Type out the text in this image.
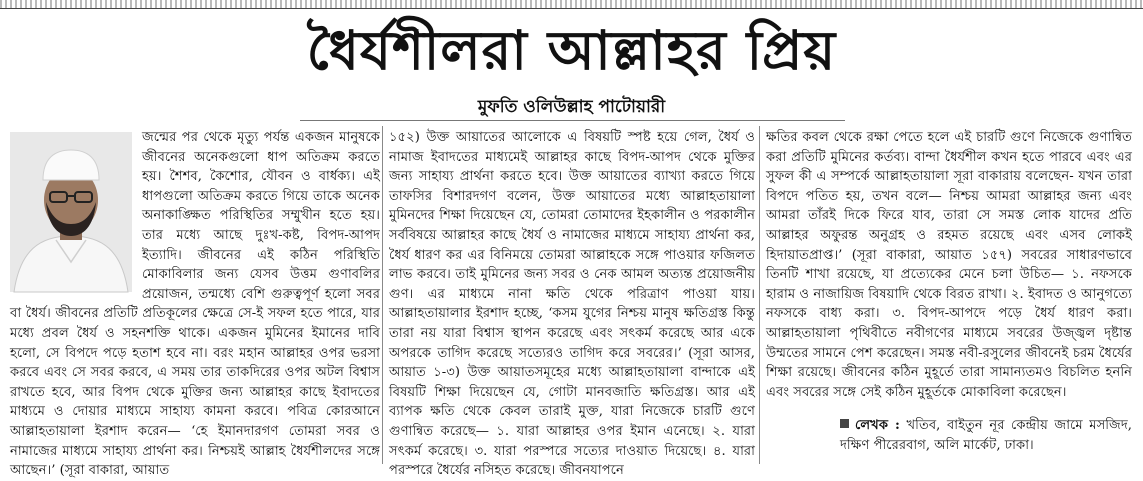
ধৈর্যশীলরা আল্লাহর প্রিয়
মুফতি ওলিউল্লাহ পাটোয়ারী

জন্মের পর থেকে মৃত্যু পর্যন্ত একজন মানুষকে জীবনের অনেকগুলো ধাপ অতিক্রম করতে হয়। শৈশব, কৈশোর, যৌবন ও বার্ধক্য। এই ধাপগুলো অতিক্রম করতে গিয়ে তাকে অনেক অনাকাঙ্ক্ষিত পরিস্থিতির সম্মুখীন হতে হয়। তার মধ্যে আছে দুঃখ-কষ্ট, বিপদ-আপদ ইত্যাদি। জীবনের এই কঠিন পরিস্থিতি মোকাবিলার জন্য যেসব উত্তম গুণাবলির প্রয়োজন, তন্মধ্যে বেশি গুরুত্বপূর্ণ হলো সবর বা ধৈর্য। জীবনের প্রতিটি প্রতিকূলের ক্ষেত্রে সে-ই সফল হতে পারে, যার মধ্যে প্রবল ধৈর্য ও সহনশক্তি থাকে। একজন মুমিনের ইমানের দাবি হলো, সে বিপদে পড়ে হতাশ হবে না। বরং মহান আল্লাহর ওপর ভরসা করবে এবং সে সবর করবে, এ সময় তার তাকদিরের ওপর অটল বিশ্বাস রাখতে হবে, আর বিপদ থেকে মুক্তির জন্য আল্লাহর কাছে ইবাদতের মাধ্যমে ও দোয়ার মাধ্যমে সাহায্য কামনা করবে। পবিত্র কোরআনে আল্লাহতায়ালা ইরশাদ করেন— ‘হে ইমানদারগণ তোমরা সবর ও নামাজের মাধ্যমে সাহায্য প্রার্থনা কর। নিশ্চয়ই আল্লাহ ধৈর্যশীলদের সঙ্গে আছেন।’ (সূরা বাকারা, আয়াত

১৫২) উক্ত আয়াতের আলোকে এ বিষয়টি স্পষ্ট হয়ে গেল, ধৈর্য ও নামাজ ইবাদতের মাধ্যমেই আল্লাহর কাছে বিপদ-আপদ থেকে মুক্তির জন্য সাহায্য প্রার্থনা করতে হবে। উক্ত আয়াতের ব্যাখ্যা করতে গিয়ে তাফসির বিশারদগণ বলেন, উক্ত আয়াতের মধ্যে আল্লাহতায়ালা মুমিনদের শিক্ষা দিয়েছেন যে, তোমরা তোমাদের ইহকালীন ও পরকালীন সর্ববিষয়ে আল্লাহর কাছে ধৈর্য ও নামাজের মাধ্যমে সাহায্য প্রার্থনা কর, ধৈর্য ধারণ কর এর বিনিময়ে তোমরা আল্লাহকে সঙ্গে পাওয়ার ফজিলত লাভ করবে। তাই মুমিনের জন্য সবর ও নেক আমল অত্যন্ত প্রয়োজনীয় গুণ। এর মাধ্যমে নানা ক্ষতি থেকে পরিত্রাণ পাওয়া যায়। আল্লাহতায়ালার ইরশাদ হচ্ছে, ‘কসম যুগের নিশ্চয় মানুষ ক্ষতিগ্রস্ত কিন্তু তারা নয় যারা বিশ্বাস স্থাপন করেছে এবং সৎকর্ম করেছে আর একে অপরকে তাগিদ করেছে সত্যেরও তাগিদ করে সবরের।’ (সূরা আসর, আয়াত ১-৩) উক্ত আয়াতসমূহের মধ্যে আল্লাহতায়ালা বান্দাকে এই বিষয়টি শিক্ষা দিয়েছেন যে, গোটা মানবজাতি ক্ষতিগ্রস্ত। আর এই ব্যাপক ক্ষতি থেকে কেবল তারাই মুক্ত, যারা নিজেকে চারটি গুণে গুণান্বিত করেছে— ১. যারা আল্লাহর ওপর ইমান এনেছে। ২. যারা সৎকর্ম করেছে। ৩. যারা পরস্পরে সত্যের দাওয়াত দিয়েছে। ৪. যারা পরস্পরে ধৈর্যের নসিহত করেছে। জীবনযাপনে

ক্ষতির কবল থেকে রক্ষা পেতে হলে এই চারটি গুণে নিজেকে গুণান্বিত করা প্রতিটি মুমিনের কর্তব্য। বান্দা ধৈর্যশীল কখন হতে পারবে এবং এর সুফল কী এ সম্পর্কে আল্লাহতায়ালা সূরা বাকারায় বলেছেন- যখন তারা বিপদে পতিত হয়, তখন বলে— নিশ্চয় আমরা আল্লাহর জন্য এবং আমরা তাঁরই দিকে ফিরে যাব, তারা সে সমস্ত লোক যাদের প্রতি আল্লাহর অফুরন্ত অনুগ্রহ ও রহমত রয়েছে এবং এসব লোকই হিদায়াতপ্রাপ্ত।’ (সূরা বাকারা, আয়াত ১৫৭) সবরের সাধারণভাবে তিনটি শাখা রয়েছে, যা প্রত্যেকের মেনে চলা উচিত— ১. নফসকে হারাম ও নাজায়িজ বিষয়াদি থেকে বিরত রাখা। ২. ইবাদত ও আনুগত্যে নফসকে বাধ্য করা। ৩. বিপদ-আপদে পড়ে ধৈর্য ধারণ করা। আল্লাহতায়ালা পৃথিবীতে নবীগণের মাধ্যমে সবরের উজ্জ্বল দৃষ্টান্ত উম্মতের সামনে পেশ করেছেন। সমস্ত নবী-রসুলের জীবনেই চরম ধৈর্যের শিক্ষা রয়েছে। জীবনের কঠিন মুহূর্তে তারা সামান্যতমও বিচলিত হননি এবং সবরের সঙ্গে সেই কঠিন মুহূর্তকে মোকাবিলা করেছেন।

লেখক : খতিব, বাইতুন নূর কেন্দ্রীয় জামে মসজিদ, দক্ষিণ পীরেরবাগ, অলি মার্কেট, ঢাকা।
